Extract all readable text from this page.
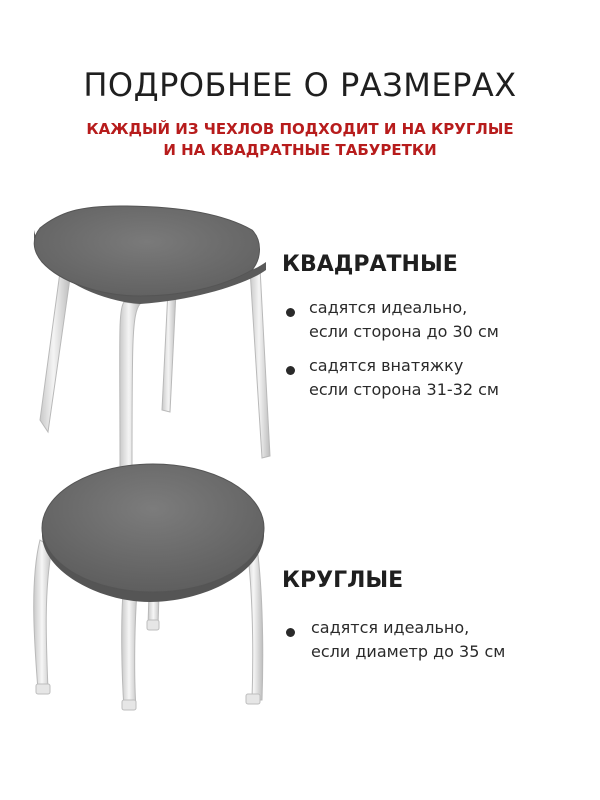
ПОДРОБНЕЕ О РАЗМЕРАХ
КАЖДЫЙ ИЗ ЧЕХЛОВ ПОДХОДИТ И НА КРУГЛЫЕ
И НА КВАДРАТНЫЕ ТАБУРЕТКИ
КВАДРАТНЫЕ
садятся идеально,
если сторона до 30 см
садятся внатяжку
если сторона 31-32 см
КРУГЛЫЕ
садятся идеально,
если диаметр до 35 см
